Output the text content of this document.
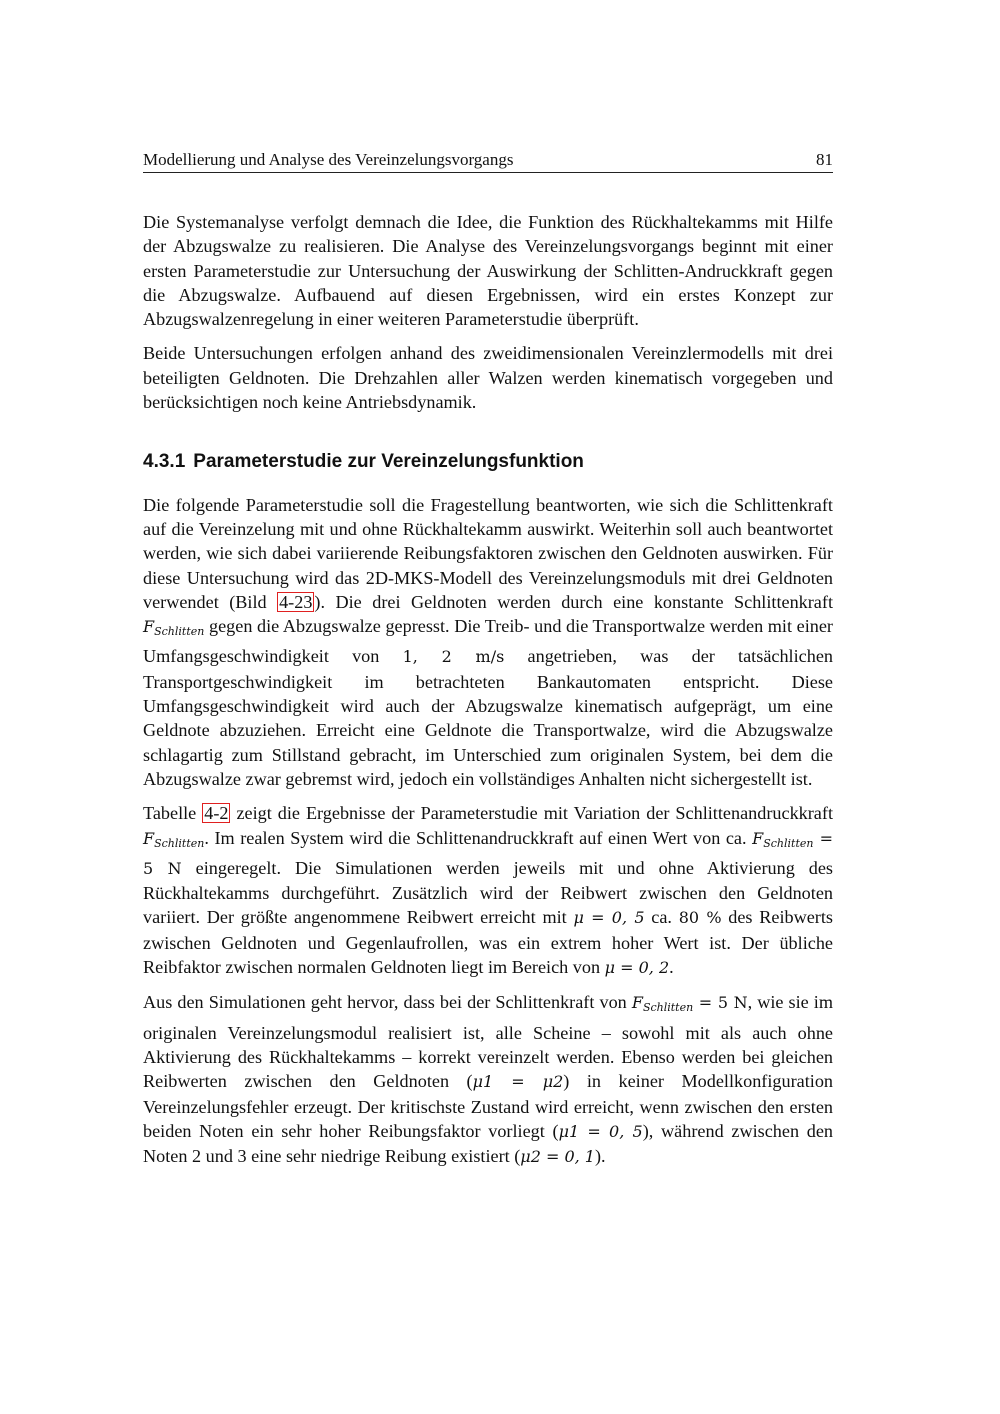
Modellierung und Analyse des Vereinzelungsvorgangs	81

Die Systemanalyse verfolgt demnach die Idee, die Funktion des Rückhaltekamms mit Hilfe der Abzugswalze zu realisieren. Die Analyse des Vereinzelungsvorgangs beginnt mit einer ersten Parameterstudie zur Untersuchung der Auswirkung der Schlitten-Andruckkraft gegen die Abzugswalze. Aufbauend auf diesen Ergebnissen, wird ein erstes Konzept zur Abzugswalzenregelung in einer weiteren Parameterstudie überprüft.

Beide Untersuchungen erfolgen anhand des zweidimensionalen Vereinzlermodells mit drei beteiligten Geldnoten. Die Drehzahlen aller Walzen werden kinematisch vorgegeben und berücksichtigen noch keine Antriebsdynamik.

4.3.1 Parameterstudie zur Vereinzelungsfunktion

Die folgende Parameterstudie soll die Fragestellung beantworten, wie sich die Schlittenkraft auf die Vereinzelung mit und ohne Rückhaltekamm auswirkt. Weiterhin soll auch beantwortet werden, wie sich dabei variierende Reibungsfaktoren zwischen den Geldnoten auswirken. Für diese Untersuchung wird das 2D-MKS-Modell des Vereinzelungsmoduls mit drei Geldnoten verwendet (Bild 4-23 ). Die drei Geldnoten werden durch eine konstante Schlittenkraft $F_{Schlitten}$ gegen die Abzugswalze gepresst. Die Treib- und die Transportwalze werden mit einer Umfangsgeschwindigkeit von 1, 2 m/s angetrieben, was der tatsächlichen Transportgeschwindigkeit im betrachteten Bankautomaten entspricht. Diese Umfangsgeschwindigkeit wird auch der Abzugswalze kinematisch aufgeprägt, um eine Geldnote abzuziehen. Erreicht eine Geldnote die Transportwalze, wird die Abzugswalze schlagartig zum Stillstand gebracht, im Unterschied zum originalen System, bei dem die Abzugswalze zwar gebremst wird, jedoch ein vollständiges Anhalten nicht sichergestellt ist.

Tabelle 4-2 zeigt die Ergebnisse der Parameterstudie mit Variation der Schlittenandruckkraft $F_{Schlitten}$. Im realen System wird die Schlittenandruckkraft auf einen Wert von ca. $F_{Schlitten} = 5$ N eingeregelt. Die Simulationen werden jeweils mit und ohne Aktivierung des Rückhaltekamms durchgeführt. Zusätzlich wird der Reibwert zwischen den Geldnoten variiert. Der größte angenommene Reibwert erreicht mit μ = 0, 5 ca. 80 % des Reibwerts zwischen Geldnoten und Gegenlaufrollen, was ein extrem hoher Wert ist. Der übliche Reibfaktor zwischen normalen Geldnoten liegt im Bereich von μ = 0, 2.

Aus den Simulationen geht hervor, dass bei der Schlittenkraft von $F_{Schlitten} = 5$ N, wie sie im originalen Vereinzelungsmodul realisiert ist, alle Scheine – sowohl mit als auch ohne Aktivierung des Rückhaltekamms – korrekt vereinzelt werden. Ebenso werden bei gleichen Reibwerten zwischen den Geldnoten (μ1 = μ2) in keiner Modellkonfiguration Vereinzelungsfehler erzeugt. Der kritischste Zustand wird erreicht, wenn zwischen den ersten beiden Noten ein sehr hoher Reibungsfaktor vorliegt (μ1 = 0, 5), während zwischen den Noten 2 und 3 eine sehr niedrige Reibung existiert (μ2 = 0, 1).
